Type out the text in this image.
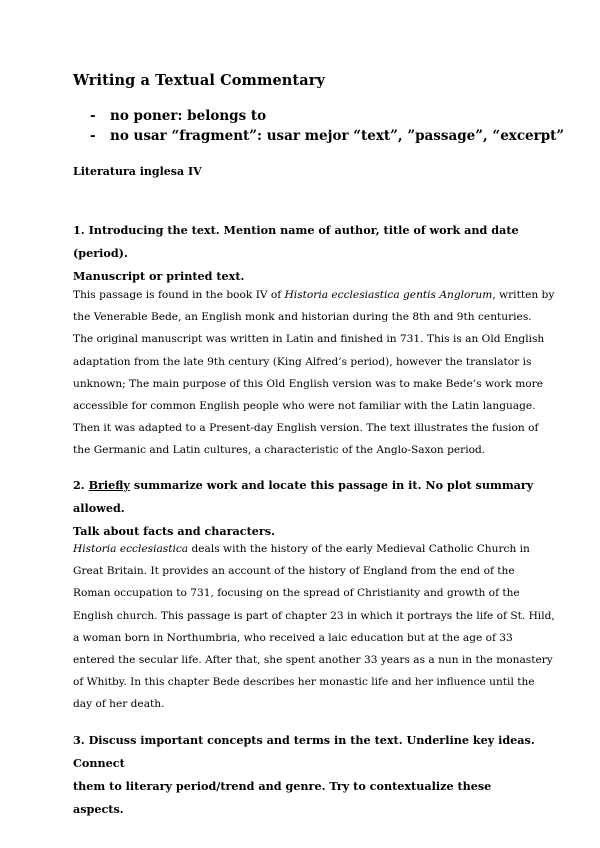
Writing a Textual Commentary
- no poner: belongs to
- no usar “fragment”: usar mejor “text”, ”passage”, “excerpt”

Literatura inglesa IV

1. Introducing the text. Mention name of author, title of work and date (period).
Manuscript or printed text.

This passage is found in the book IV of Historia ecclesiastica gentis Anglorum, written by
the Venerable Bede, an English monk and historian during the 8th and 9th centuries.
The original manuscript was written in Latin and finished in 731. This is an Old English
adaptation from the late 9th century (King Alfred’s period), however the translator is
unknown; The main purpose of this Old English version was to make Bede’s work more
accessible for common English people who were not familiar with the Latin language.
Then it was adapted to a Present-day English version. The text illustrates the fusion of
the Germanic and Latin cultures, a characteristic of the Anglo-Saxon period.

2. Briefly summarize work and locate this passage in it. No plot summary allowed.
Talk about facts and characters.

Historia ecclesiastica deals with the history of the early Medieval Catholic Church in
Great Britain. It provides an account of the history of England from the end of the
Roman occupation to 731, focusing on the spread of Christianity and growth of the
English church. This passage is part of chapter 23 in which it portrays the life of St. Hild,
a woman born in Northumbria, who received a laic education but at the age of 33
entered the secular life. After that, she spent another 33 years as a nun in the monastery
of Whitby. In this chapter Bede describes her monastic life and her influence until the
day of her death.

3. Discuss important concepts and terms in the text. Underline key ideas. Connect
them to literary period/trend and genre. Try to contextualize these aspects.
